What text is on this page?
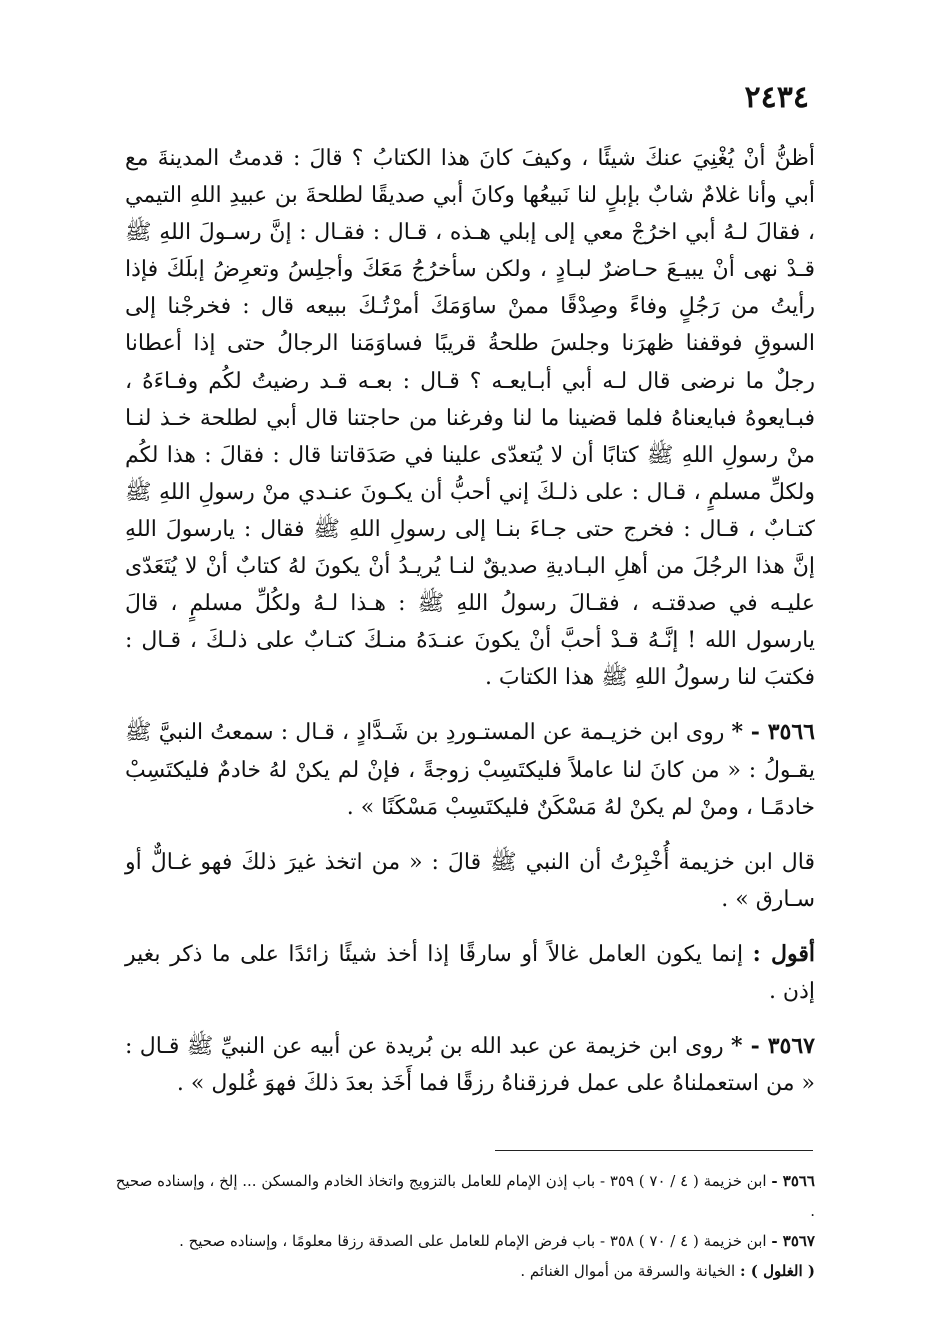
٢٤٣٤

أظنُّ أنْ يُغْنِيَ عنكَ شيئًا ، وكيفَ كانَ هذا الكتابُ ؟ قالَ : قدمتُ المدينةَ مع أبي وأنا غلامٌ شابٌ بإبلٍ لنا نَبيعُها وكانَ أبي صديقًا لطلحةَ بن عبيدِ اللهِ التيمي ، فقالَ لـهُ أبي اخرُجْ معي إلى إبلي هـذه ، قـال : فقـال : إنَّ رسـولَ اللهِ ﷺ قـدْ نهى أنْ يبيـعَ حـاضرٌ لبـادٍ ، ولكن سأخرُجُ مَعَكَ وأجلِسُ وتعرِضُ إبلَكَ فإذا رأيتُ من رَجُلٍ وفاءً وصِدْقًا ممنْ ساوَمَكَ أمرْتُـكَ ببيعه قال : فخرجْنا إلى السوقِ فوقفنا ظهرَنا وجلسَ طلحةُ قريبًا فساوَمَنا الرجالُ حتى إذا أعطانا رجلٌ ما نرضى قال لـه أبي أبـايعـه ؟ قـال : بعـه قـد رضيتُ لكُم وفـاءَهُ ، فبـايعوهُ فبايعناهُ فلما قضينا ما لنا وفرغنا من حاجتنا قال أبي لطلحة خـذ لنـا منْ رسولِ اللهِ ﷺ كتابًا أن لا يُتعدّى علينا في صَدَقاتنا قال : فقالَ : هذا لكُم ولكلِّ مسلمٍ ، قـال : على ذلـكَ إني أحبُّ أن يكـونَ عنـدي منْ رسولِ اللهِ ﷺ كتـابٌ ، قـال : فخرج حتى جـاءَ بنـا إلى رسولِ اللهِ ﷺ فقال : يارسولَ اللهِ إنَّ هذا الرجُلَ من أهلِ البـاديةِ صديقٌ لنـا يُريـدُ أنْ يكونَ لهُ كتابٌ أنْ لا يُتَعَدّى عليـه في صدقتـه ، فقـالَ رسولُ اللهِ ﷺ : هـذا لـهُ ولكُلِّ مسلمٍ ، قالَ يارسول الله ! إنَّـهُ قـدْ أحبَّ أنْ يكونَ عنـدَهُ منـكَ كتـابٌ على ذلـكَ ، قـال : فكتبَ لنا رسولُ اللهِ ﷺ هذا الكتابَ .

٣٥٦٦ - * روى ابن خزيـمة عن المستـوردِ بن شَـدَّادٍ ، قـال : سمعتُ النبيَّ ﷺ يقـولُ : « من كانَ لنا عاملاً فليكتَسِبْ زوجةً ، فإنْ لم يكنْ لهُ خادمٌ فليكتَسِبْ خادمًـا ، ومنْ لم يكنْ لهُ مَسْكَنٌ فليكتَسِبْ مَسْكَنًا » .

قال ابن خزيمة أُخْبِرْتُ أن النبي ﷺ قالَ : « من اتخذ غيرَ ذلكَ فهو غـالٌّ أو سـارق » .

أقول : إنما يكون العامل غالاً أو سارقًا إذا أخذ شيئًا زائدًا على ما ذكر بغير إذن .

٣٥٦٧ - * روى ابن خزيمة عن عبد الله بن بُريدة عن أبيه عن النبيِّ ﷺ قـال : « من استعملناهُ على عمل فرزقناهُ رزقًا فما أَخَذ بعدَ ذلكَ فهوَ غُلول » .

٣٥٦٦ - ابن خزيمة ( ٤ / ٧٠ ) ٣٥٩ - باب إذن الإمام للعامل بالتزويج واتخاذ الخادم والمسكن ... إلخ ، وإسناده صحيح .

٣٥٦٧ - ابن خزيمة ( ٤ / ٧٠ ) ٣٥٨ - باب فرض الإمام للعامل على الصدقة رزقا معلومًا ، وإسناده صحيح .

( الغلول ) : الخيانة والسرقة من أموال الغنائم .
